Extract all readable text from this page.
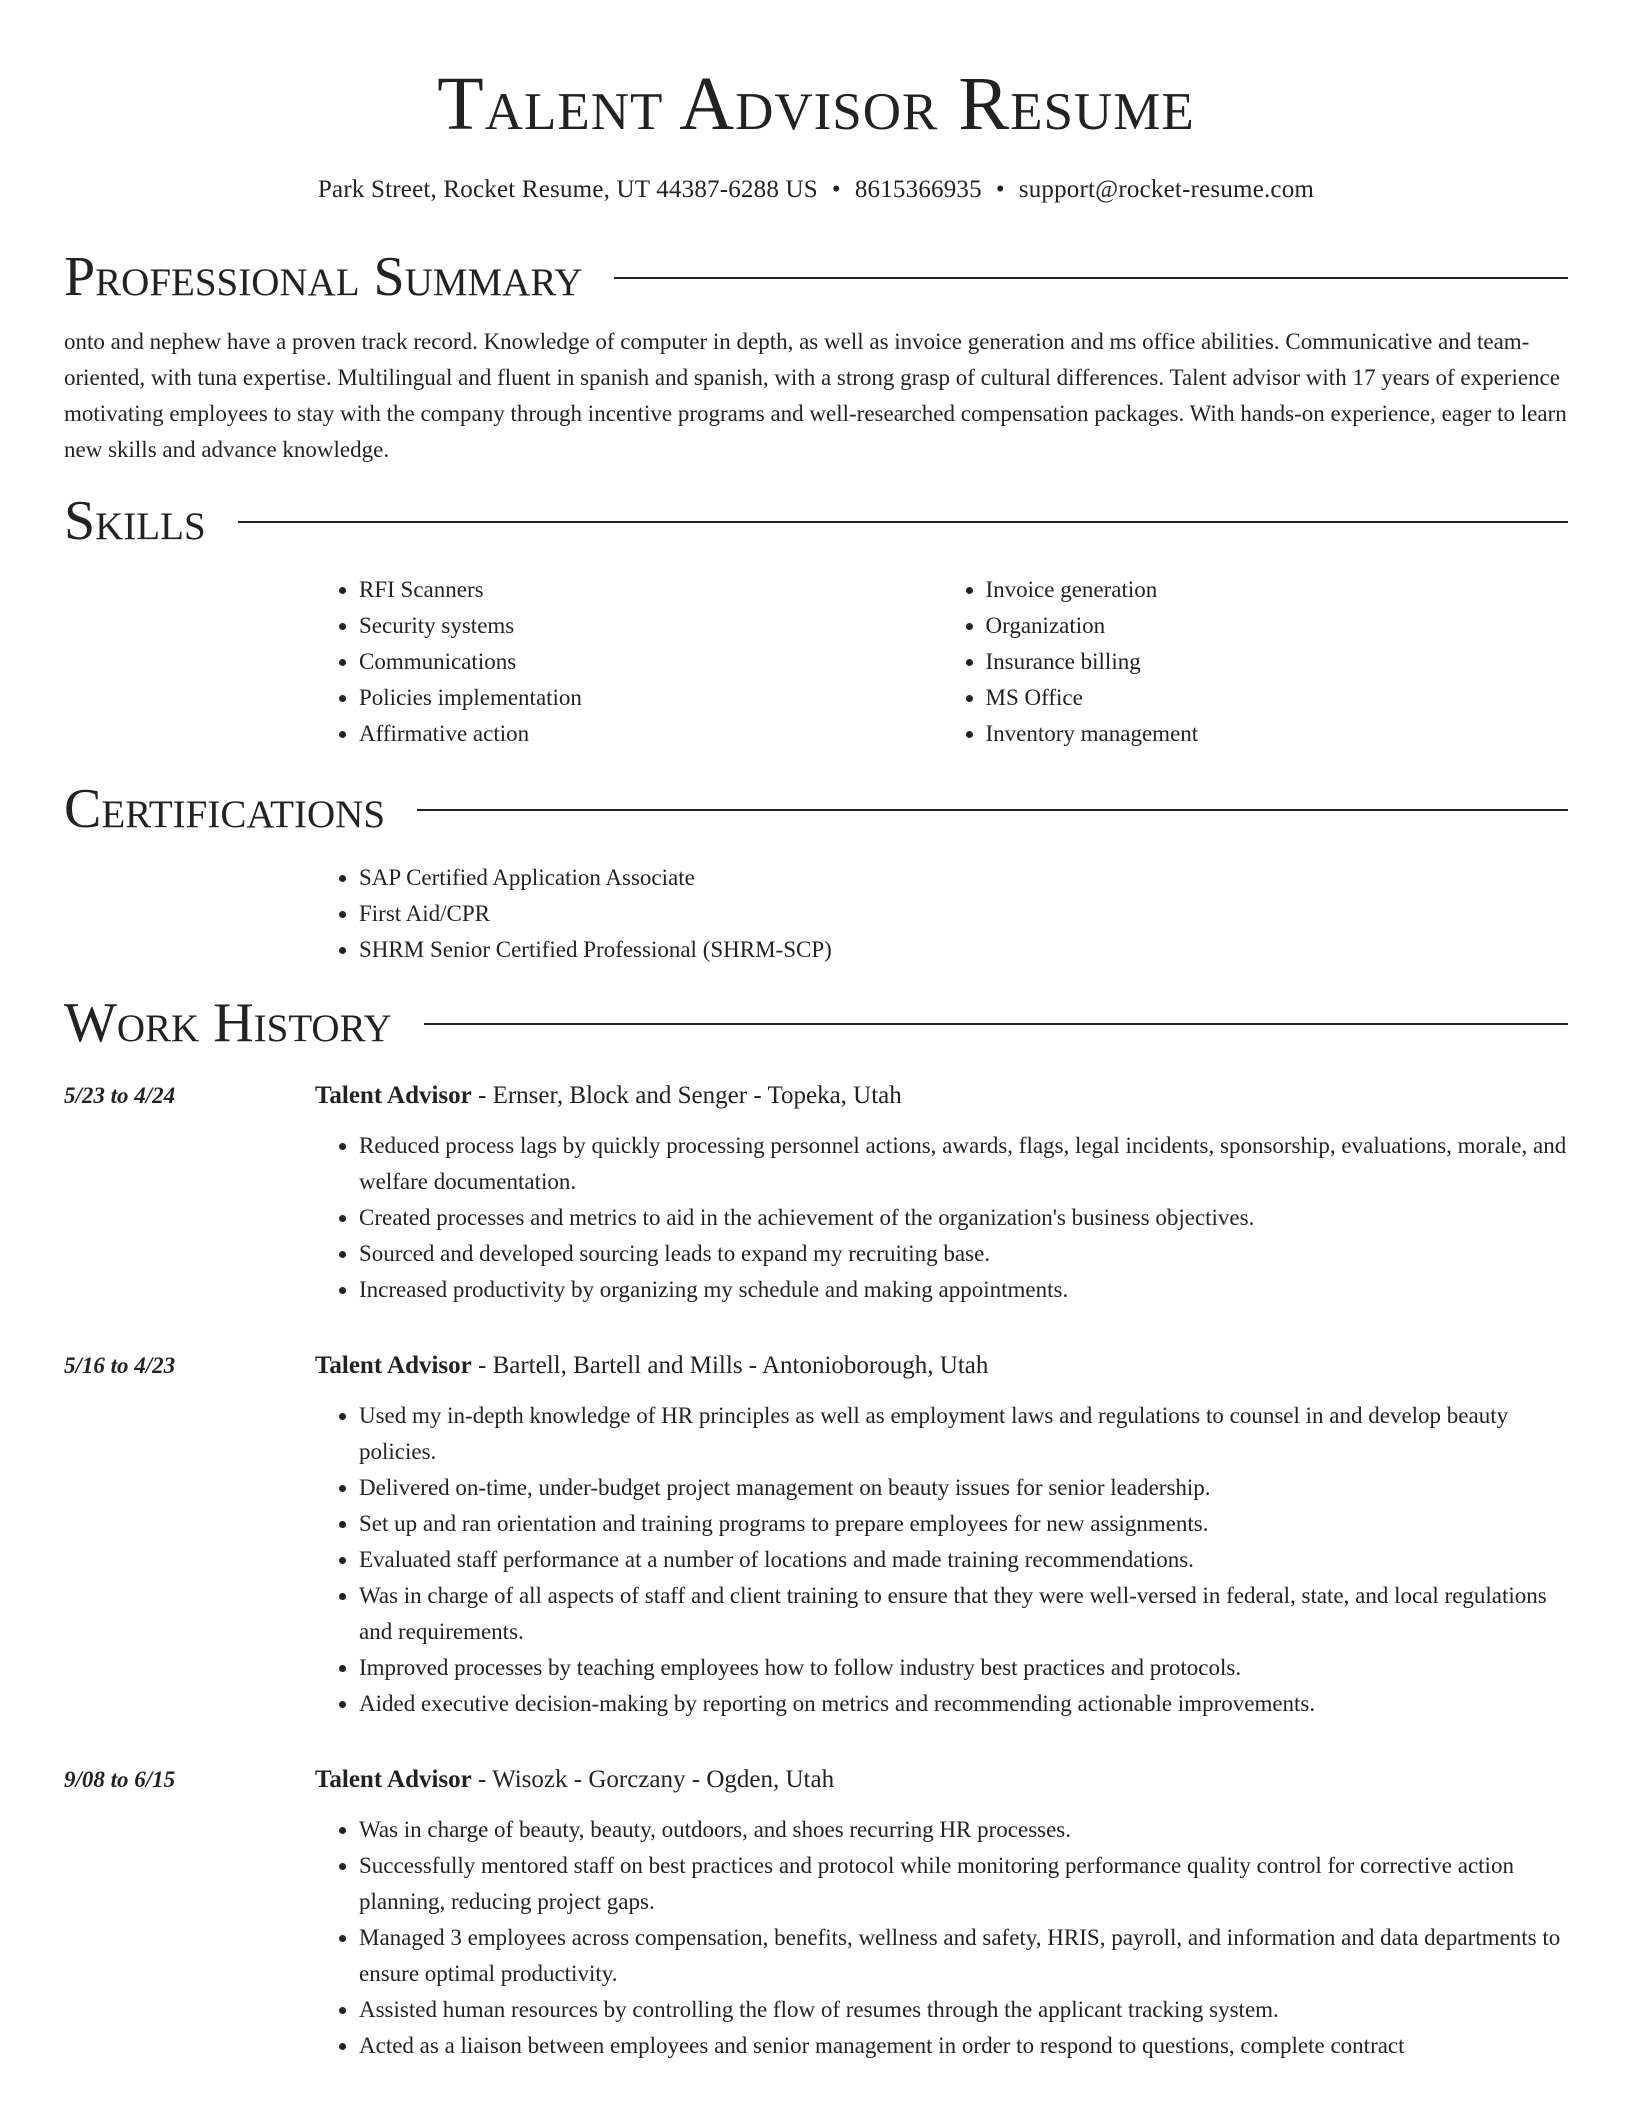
Talent Advisor Resume
Park Street, Rocket Resume, UT 44387-6288 US • 8615366935 • support@rocket-resume.com
Professional Summary

onto and nephew have a proven track record. Knowledge of computer in depth, as well as invoice generation and ms office abilities. Communicative and team-oriented, with tuna expertise. Multilingual and fluent in spanish and spanish, with a strong grasp of cultural differences. Talent advisor with 17 years of experience motivating employees to stay with the company through incentive programs and well-researched compensation packages. With hands-on experience, eager to learn new skills and advance knowledge.

Skills
• RFI Scanners
• Security systems
• Communications
• Policies implementation
• Affirmative action
• Invoice generation
• Organization
• Insurance billing
• MS Office
• Inventory management
Certifications
• SAP Certified Application Associate
• First Aid/CPR
• SHRM Senior Certified Professional (SHRM-SCP)
Work History
5/23 to 4/24	Talent Advisor - Ernser, Block and Senger - Topeka, Utah
• Reduced process lags by quickly processing personnel actions, awards, flags, legal incidents, sponsorship, evaluations, morale, and welfare documentation.
• Created processes and metrics to aid in the achievement of the organization's business objectives.
• Sourced and developed sourcing leads to expand my recruiting base.
• Increased productivity by organizing my schedule and making appointments.
5/16 to 4/23	Talent Advisor - Bartell, Bartell and Mills - Antonioborough, Utah
• Used my in-depth knowledge of HR principles as well as employment laws and regulations to counsel in and develop beauty policies.
• Delivered on-time, under-budget project management on beauty issues for senior leadership.
• Set up and ran orientation and training programs to prepare employees for new assignments.
• Evaluated staff performance at a number of locations and made training recommendations.
• Was in charge of all aspects of staff and client training to ensure that they were well-versed in federal, state, and local regulations and requirements.
• Improved processes by teaching employees how to follow industry best practices and protocols.
• Aided executive decision-making by reporting on metrics and recommending actionable improvements.
9/08 to 6/15	Talent Advisor - Wisozk - Gorczany - Ogden, Utah
• Was in charge of beauty, beauty, outdoors, and shoes recurring HR processes.
• Successfully mentored staff on best practices and protocol while monitoring performance quality control for corrective action planning, reducing project gaps.
• Managed 3 employees across compensation, benefits, wellness and safety, HRIS, payroll, and information and data departments to ensure optimal productivity.
• Assisted human resources by controlling the flow of resumes through the applicant tracking system.
• Acted as a liaison between employees and senior management in order to respond to questions, complete contract
